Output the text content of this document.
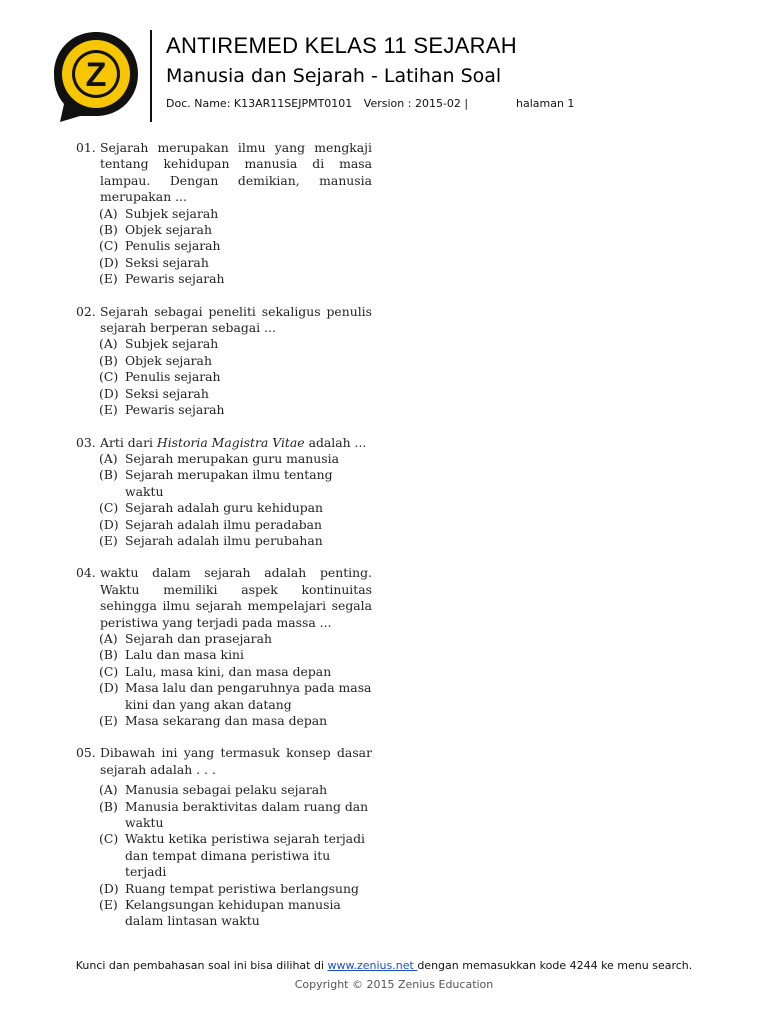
Z
ANTIREMED KELAS 11 SEJARAH
Manusia dan Sejarah - Latihan Soal
Doc. Name: K13AR11SEJPMT0101 Version : 2015-02 |	halaman 1
01. Sejarah merupakan ilmu yang mengkaji tentang kehidupan manusia di masa lampau. Dengan demikian, manusia merupakan ...
(A) Subjek sejarah
(B) Objek sejarah
(C) Penulis sejarah
(D) Seksi sejarah
(E) Pewaris sejarah
02. Sejarah sebagai peneliti sekaligus penulis sejarah berperan sebagai ...
(A) Subjek sejarah
(B) Objek sejarah
(C) Penulis sejarah
(D) Seksi sejarah
(E) Pewaris sejarah
03. Arti dari Historia Magistra Vitae adalah ...
(A) Sejarah merupakan guru manusia
(B) Sejarah merupakan ilmu tentang waktu
(C) Sejarah adalah guru kehidupan
(D) Sejarah adalah ilmu peradaban
(E) Sejarah adalah ilmu perubahan
04. waktu dalam sejarah adalah penting. Waktu memiliki aspek kontinuitas sehingga ilmu sejarah mempelajari segala peristiwa yang terjadi pada massa ...
(A) Sejarah dan prasejarah
(B) Lalu dan masa kini
(C) Lalu, masa kini, dan masa depan
(D) Masa lalu dan pengaruhnya pada masa kini dan yang akan datang
(E) Masa sekarang dan masa depan
05. Dibawah ini yang termasuk konsep dasar sejarah adalah . . .
(A) Manusia sebagai pelaku sejarah
(B) Manusia beraktivitas dalam ruang dan waktu
(C) Waktu ketika peristiwa sejarah terjadi dan tempat dimana peristiwa itu terjadi
(D) Ruang tempat peristiwa berlangsung
(E) Kelangsungan kehidupan manusia dalam lintasan waktu
Kunci dan pembahasan soal ini bisa dilihat di www.zenius.net dengan memasukkan kode 4244 ke menu search.
Copyright © 2015 Zenius Education
